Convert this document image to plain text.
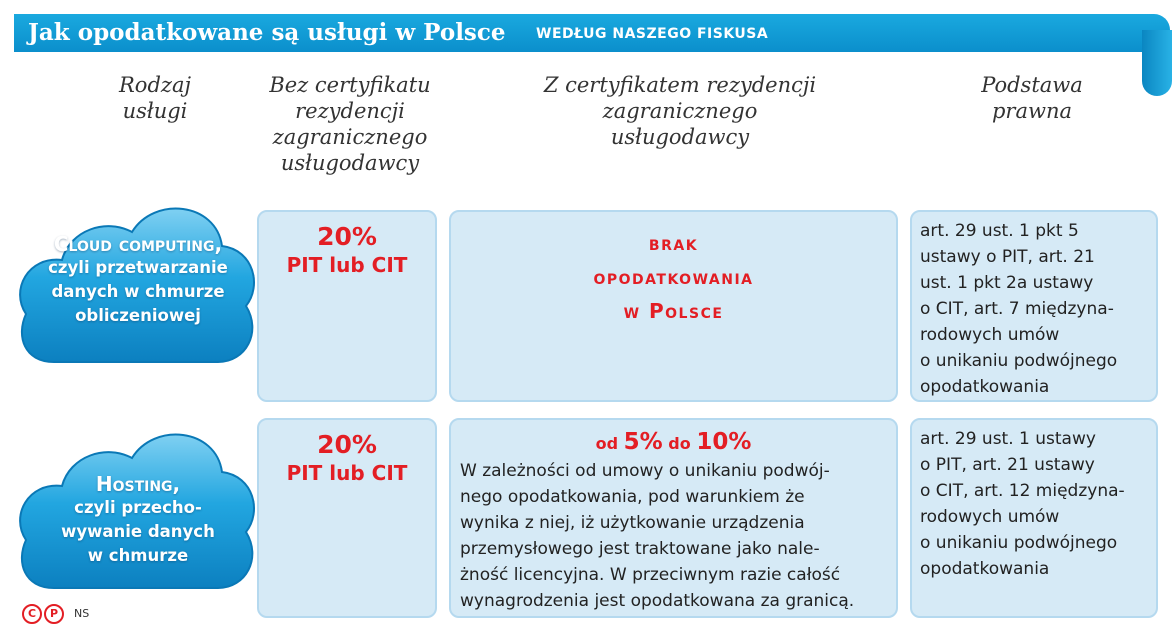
Jak opodatkowane są usługi w Polsce WEDŁUG NASZEGO FISKUSA
Rodzaj
usługi
Bez certyfikatu
rezydencji
zagranicznego
usługodawcy
Z certyfikatem rezydencji
zagranicznego
usługodawcy
Podstawa
prawna
Cloud computing,
czyli przetwarzanie
danych w chmurze
obliczeniowej
20%
PIT lub CIT
brak
opodatkowania
w Polsce
art. 29 ust. 1 pkt 5
ustawy o PIT, art. 21
ust. 1 pkt 2a ustawy
o CIT, art. 7 międzyna-
rodowych umów
o unikaniu podwójnego
opodatkowania
Hosting,
czyli przecho-
wywanie danych
w chmurze
20%
PIT lub CIT
od 5% do 10%
W zależności od umowy o unikaniu podwój-
nego opodatkowania, pod warunkiem że
wynika z niej, iż użytkowanie urządzenia
przemysłowego jest traktowane jako nale-
żność licencyjna. W przeciwnym razie całość
wynagrodzenia jest opodatkowana za granicą.
art. 29 ust. 1 ustawy
o PIT, art. 21 ustawy
o CIT, art. 12 międzyna-
rodowych umów
o unikaniu podwójnego
opodatkowania
C P NS
